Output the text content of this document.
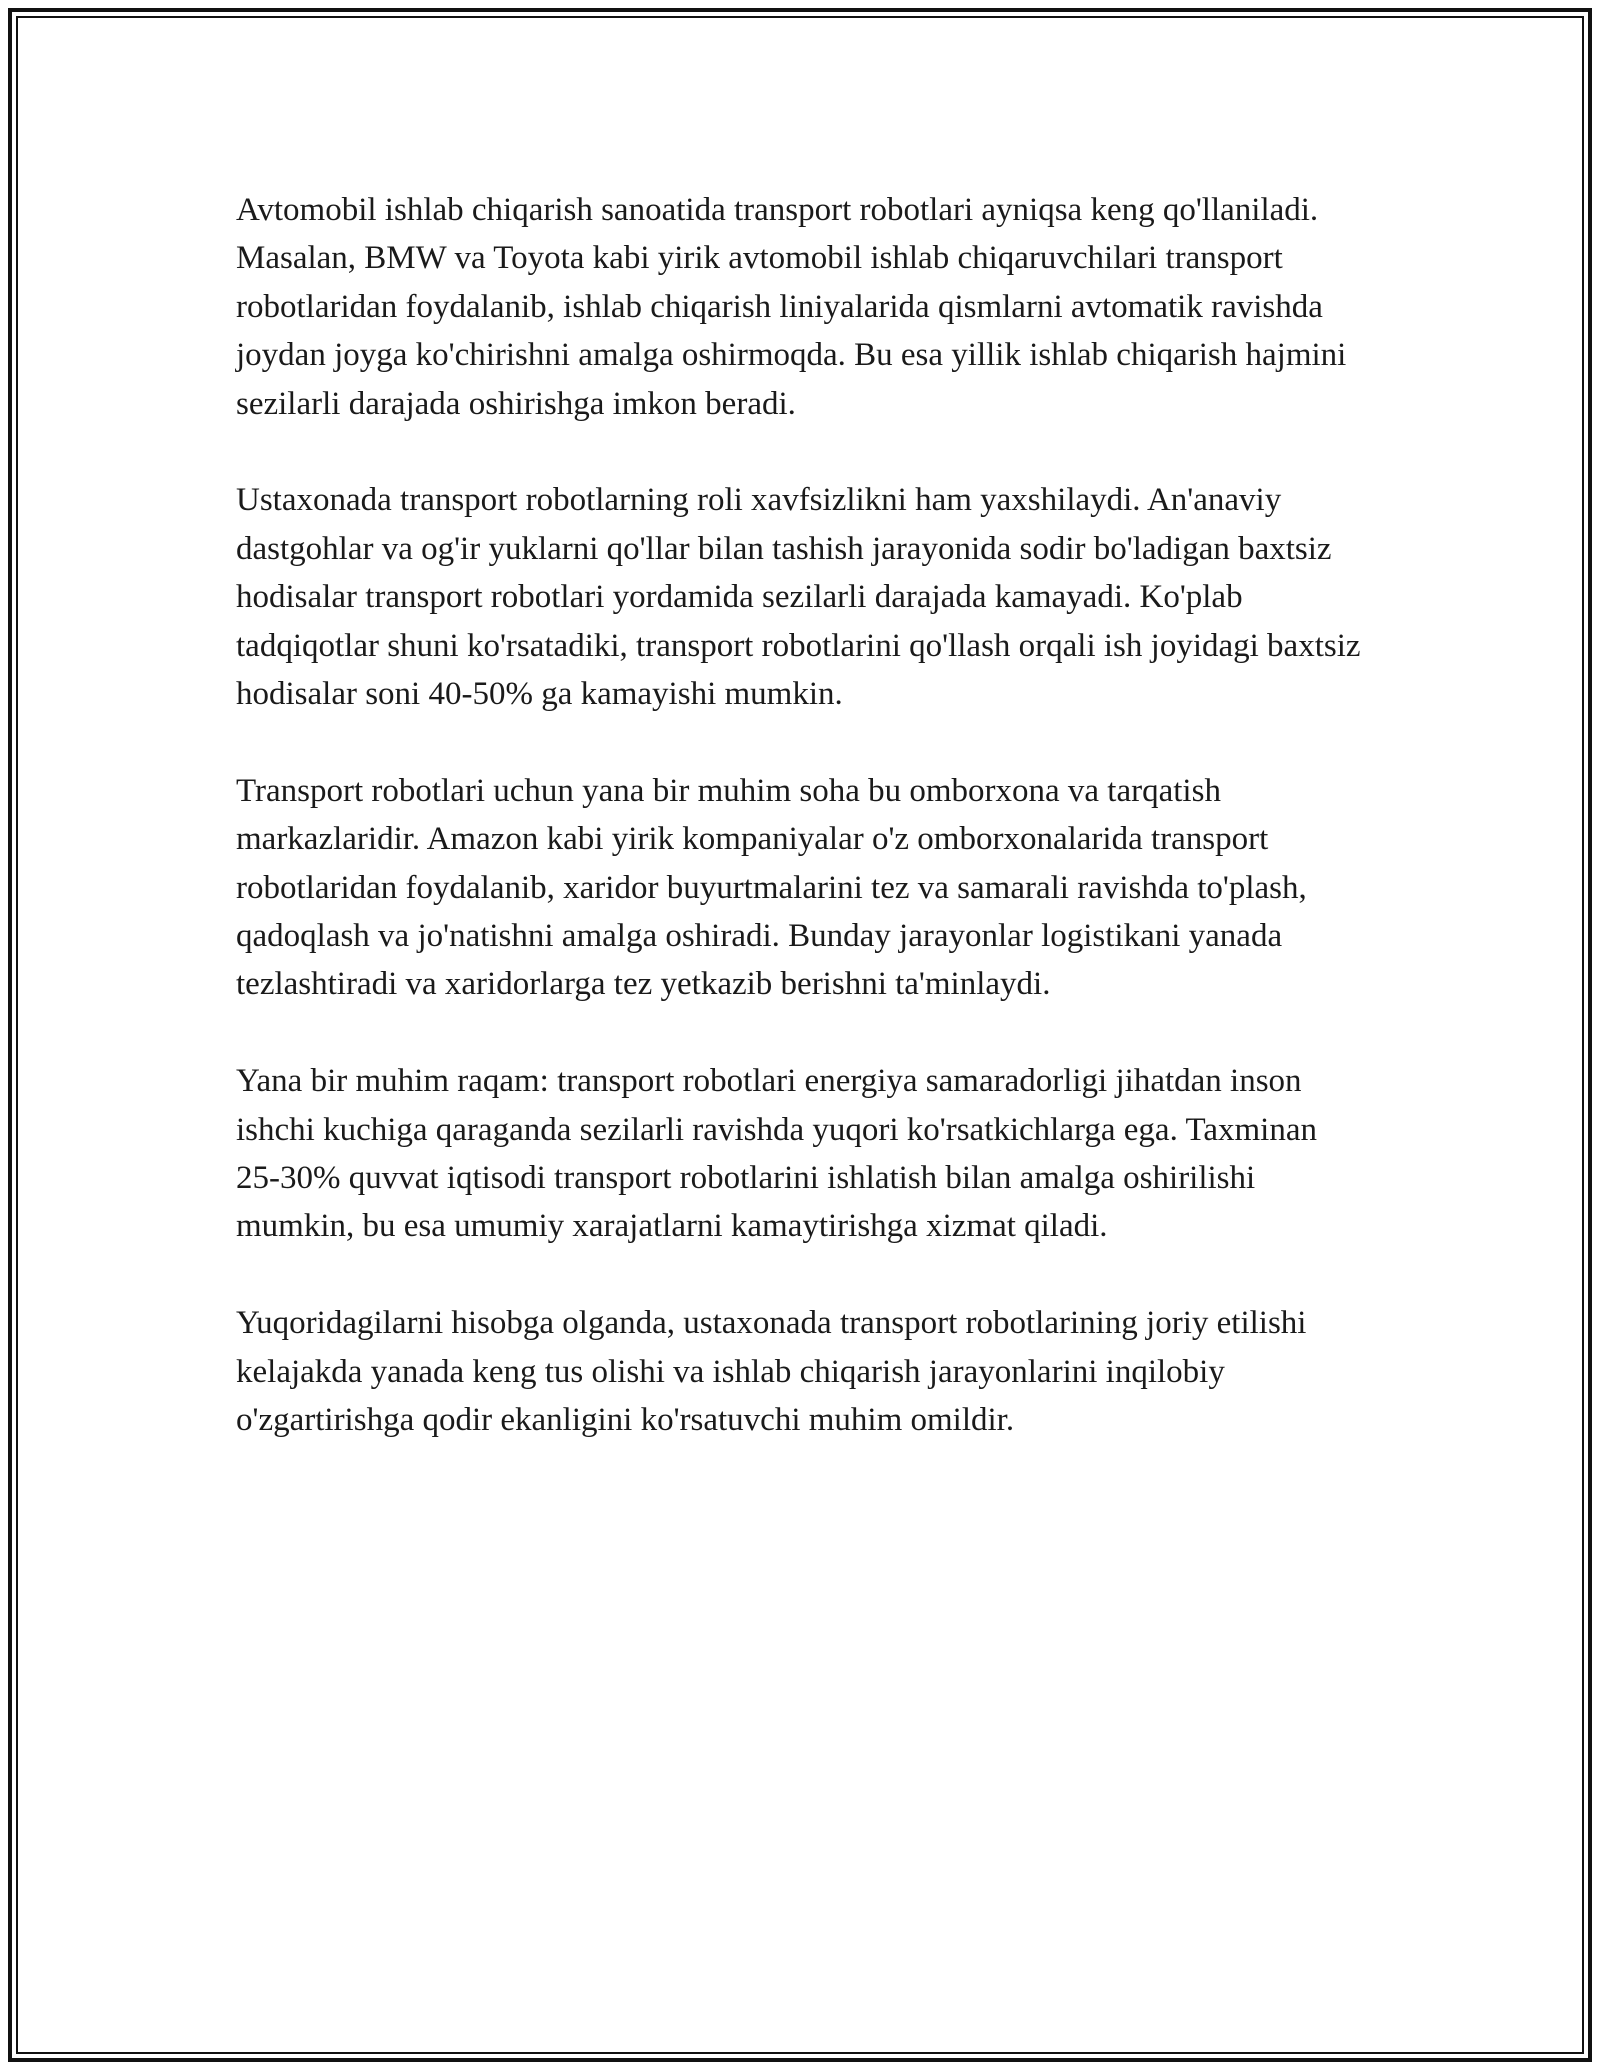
Avtomobil ishlab chiqarish sanoatida transport robotlari ayniqsa keng qo'llaniladi. Masalan, BMW va Toyota kabi yirik avtomobil ishlab chiqaruvchilari transport robotlaridan foydalanib, ishlab chiqarish liniyalarida qismlarni avtomatik ravishda joydan joyga ko'chirishni amalga oshirmoqda. Bu esa yillik ishlab chiqarish hajmini sezilarli darajada oshirishga imkon beradi.

Ustaxonada transport robotlarning roli xavfsizlikni ham yaxshilaydi. An'anaviy dastgohlar va og'ir yuklarni qo'llar bilan tashish jarayonida sodir bo'ladigan baxtsiz hodisalar transport robotlari yordamida sezilarli darajada kamayadi. Ko'plab tadqiqotlar shuni ko'rsatadiki, transport robotlarini qo'llash orqali ish joyidagi baxtsiz hodisalar soni 40-50% ga kamayishi mumkin.

Transport robotlari uchun yana bir muhim soha bu omborxona va tarqatish markazlaridir. Amazon kabi yirik kompaniyalar o'z omborxonalarida transport robotlaridan foydalanib, xaridor buyurtmalarini tez va samarali ravishda to'plash, qadoqlash va jo'natishni amalga oshiradi. Bunday jarayonlar logistikani yanada tezlashtiradi va xaridorlarga tez yetkazib berishni ta'minlaydi.

Yana bir muhim raqam: transport robotlari energiya samaradorligi jihatdan inson ishchi kuchiga qaraganda sezilarli ravishda yuqori ko'rsatkichlarga ega. Taxminan 25-30% quvvat iqtisodi transport robotlarini ishlatish bilan amalga oshirilishi mumkin, bu esa umumiy xarajatlarni kamaytirishga xizmat qiladi.

Yuqoridagilarni hisobga olganda, ustaxonada transport robotlarining joriy etilishi kelajakda yanada keng tus olishi va ishlab chiqarish jarayonlarini inqilobiy o'zgartirishga qodir ekanligini ko'rsatuvchi muhim omildir.
